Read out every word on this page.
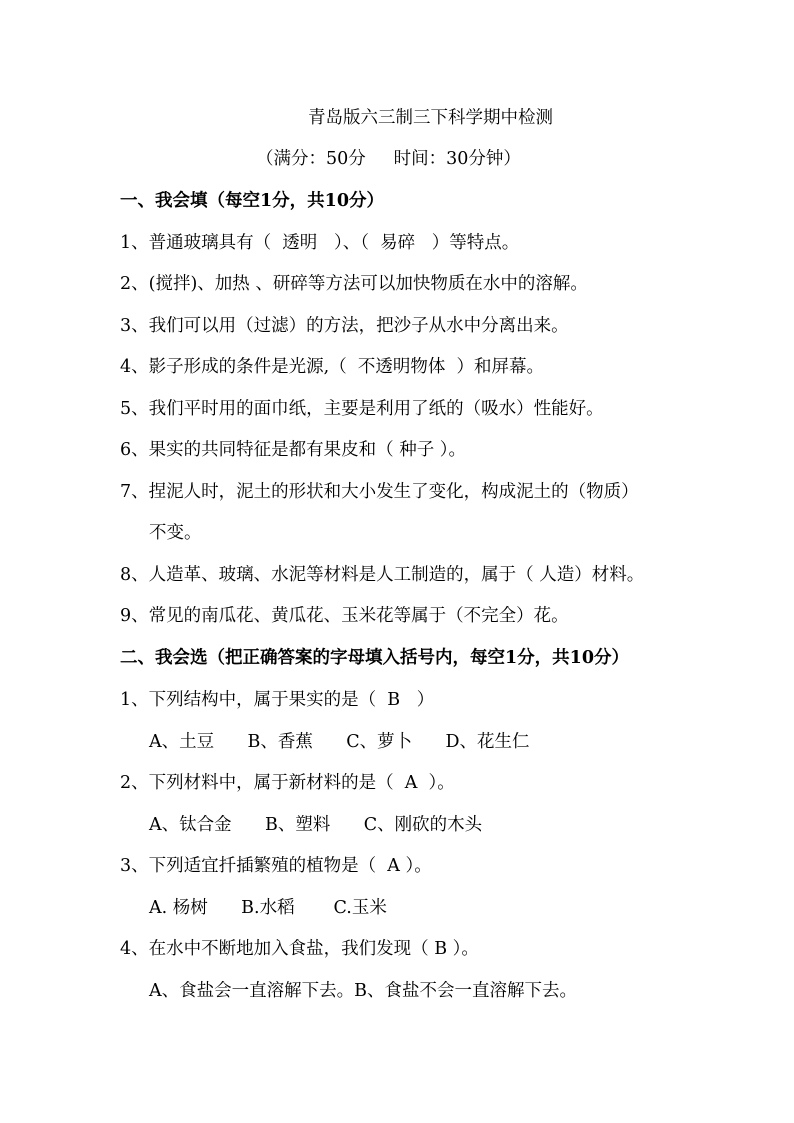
青岛版六三制三下科学期中检测
（满分：50分     时间：30分钟）
一、我会填（每空1分，共10分）
1、普通玻璃具有（  透明   ）、（  易碎   ）等特点。
2、(搅拌)、加热 、研碎等方法可以加快物质在水中的溶解。
3、我们可以用（过滤）的方法，把沙子从水中分离出来。
4、影子形成的条件是光源,（  不透明物体  ）和屏幕。
5、我们平时用的面巾纸，主要是利用了纸的（吸水）性能好。
6、果实的共同特征是都有果皮和（ 种子 ）。
7、捏泥人时，泥土的形状和大小发生了变化，构成泥土的（物质）
不变。
8、人造革、玻璃、水泥等材料是人工制造的，属于（ 人造）材料。
9、常见的南瓜花、黄瓜花、玉米花等属于（不完全）花。
二、我会选（把正确答案的字母填入括号内，每空1分，共10分）
1、下列结构中，属于果实的是（  B   ）
A、土豆      B、香蕉      C、萝卜      D、花生仁
2、下列材料中，属于新材料的是（  A  ）。
A、钛合金      B、塑料      C、刚砍的木头
3、下列适宜扦插繁殖的植物是（  A ）。
A. 杨树      B.水稻       C.玉米
4、在水中不断地加入食盐，我们发现（ B ）。
A、食盐会一直溶解下去。B、食盐不会一直溶解下去。
